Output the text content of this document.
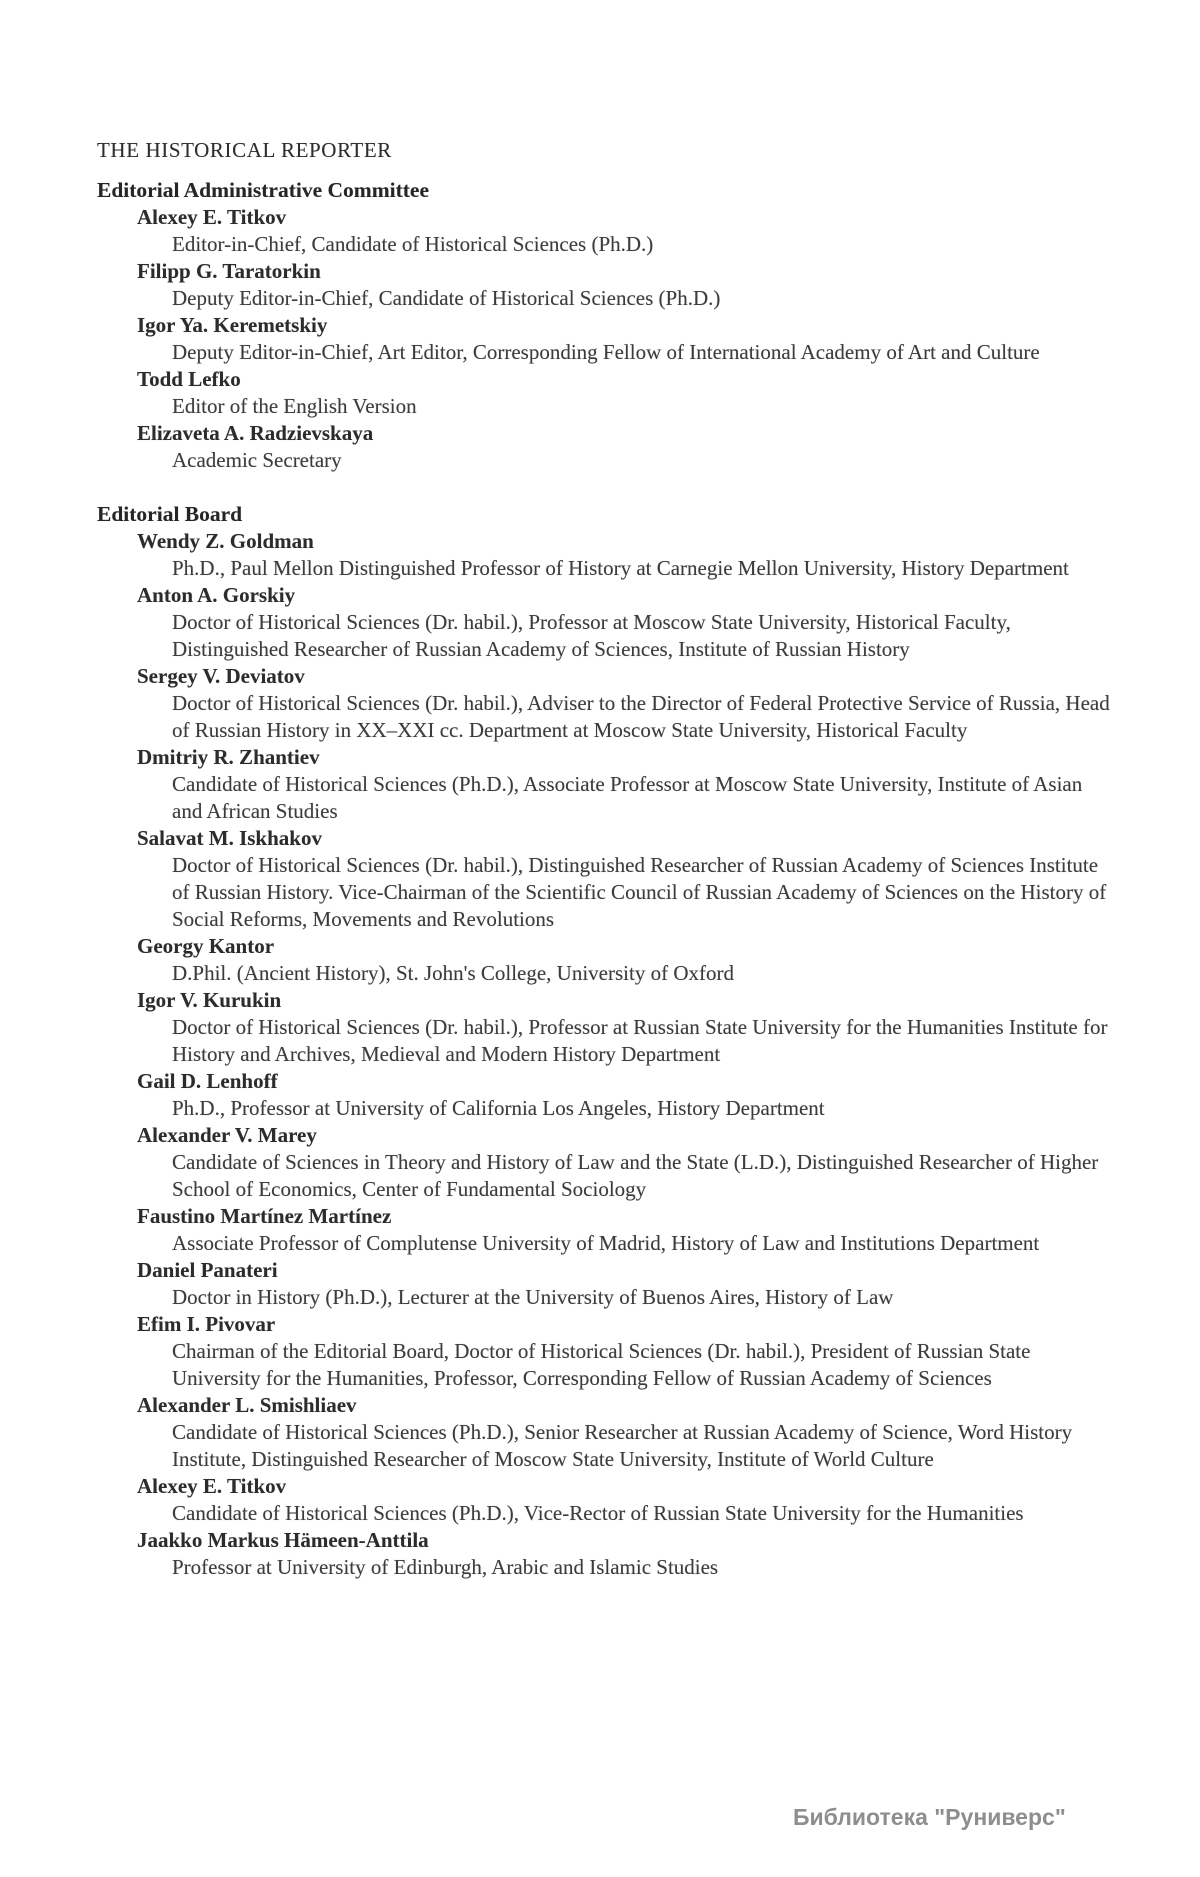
THE HISTORICAL REPORTER
Editorial Administrative Committee
Alexey E. Titkov
Editor-in-Chief, Candidate of Historical Sciences (Ph.D.)
Filipp G. Taratorkin
Deputy Editor-in-Chief, Candidate of Historical Sciences (Ph.D.)
Igor Ya. Keremetskiy
Deputy Editor-in-Chief, Art Editor, Corresponding Fellow of International Academy of Art and Culture
Todd Lefko
Editor of the English Version
Elizaveta A. Radzievskaya
Academic Secretary
Editorial Board
Wendy Z. Goldman
Ph.D., Paul Mellon Distinguished Professor of History at Carnegie Mellon University, History Department
Anton A. Gorskiy
Doctor of Historical Sciences (Dr. habil.), Professor at Moscow State University, Historical Faculty, Distinguished Researcher of Russian Academy of Sciences, Institute of Russian History
Sergey V. Deviatov
Doctor of Historical Sciences (Dr. habil.), Adviser to the Director of Federal Protective Service of Russia, Head of Russian History in XX–XXI cc. Department at Moscow State University, Historical Faculty
Dmitriy R. Zhantiev
Candidate of Historical Sciences (Ph.D.), Associate Professor at Moscow State University, Institute of Asian and African Studies
Salavat M. Iskhakov
Doctor of Historical Sciences (Dr. habil.), Distinguished Researcher of Russian Academy of Sciences Institute of Russian History. Vice-Chairman of the Scientific Council of Russian Academy of Sciences on the History of Social Reforms, Movements and Revolutions
Georgy Kantor
D.Phil. (Ancient History), St. John's College, University of Oxford
Igor V. Kurukin
Doctor of Historical Sciences (Dr. habil.), Professor at Russian State University for the Humanities Institute for History and Archives, Medieval and Modern History Department
Gail D. Lenhoff
Ph.D., Professor at University of California Los Angeles, History Department
Alexander V. Marey
Candidate of Sciences in Theory and History of Law and the State (L.D.), Distinguished Researcher of Higher School of Economics, Center of Fundamental Sociology
Faustino Martínez Martínez
Associate Professor of Complutense University of Madrid, History of Law and Institutions Department
Daniel Panateri
Doctor in History (Ph.D.), Lecturer at the University of Buenos Aires, History of Law
Efim I. Pivovar
Chairman of the Editorial Board, Doctor of Historical Sciences (Dr. habil.), President of Russian State University for the Humanities, Professor, Corresponding Fellow of Russian Academy of Sciences
Alexander L. Smishliaev
Candidate of Historical Sciences (Ph.D.), Senior Researcher at Russian Academy of Science, Word History Institute, Distinguished Researcher of Moscow State University, Institute of World Culture
Alexey E. Titkov
Candidate of Historical Sciences (Ph.D.), Vice-Rector of Russian State University for the Humanities
Jaakko Markus Hämeen-Anttila
Professor at University of Edinburgh, Arabic and Islamic Studies
Библиотека "Руниверс"
